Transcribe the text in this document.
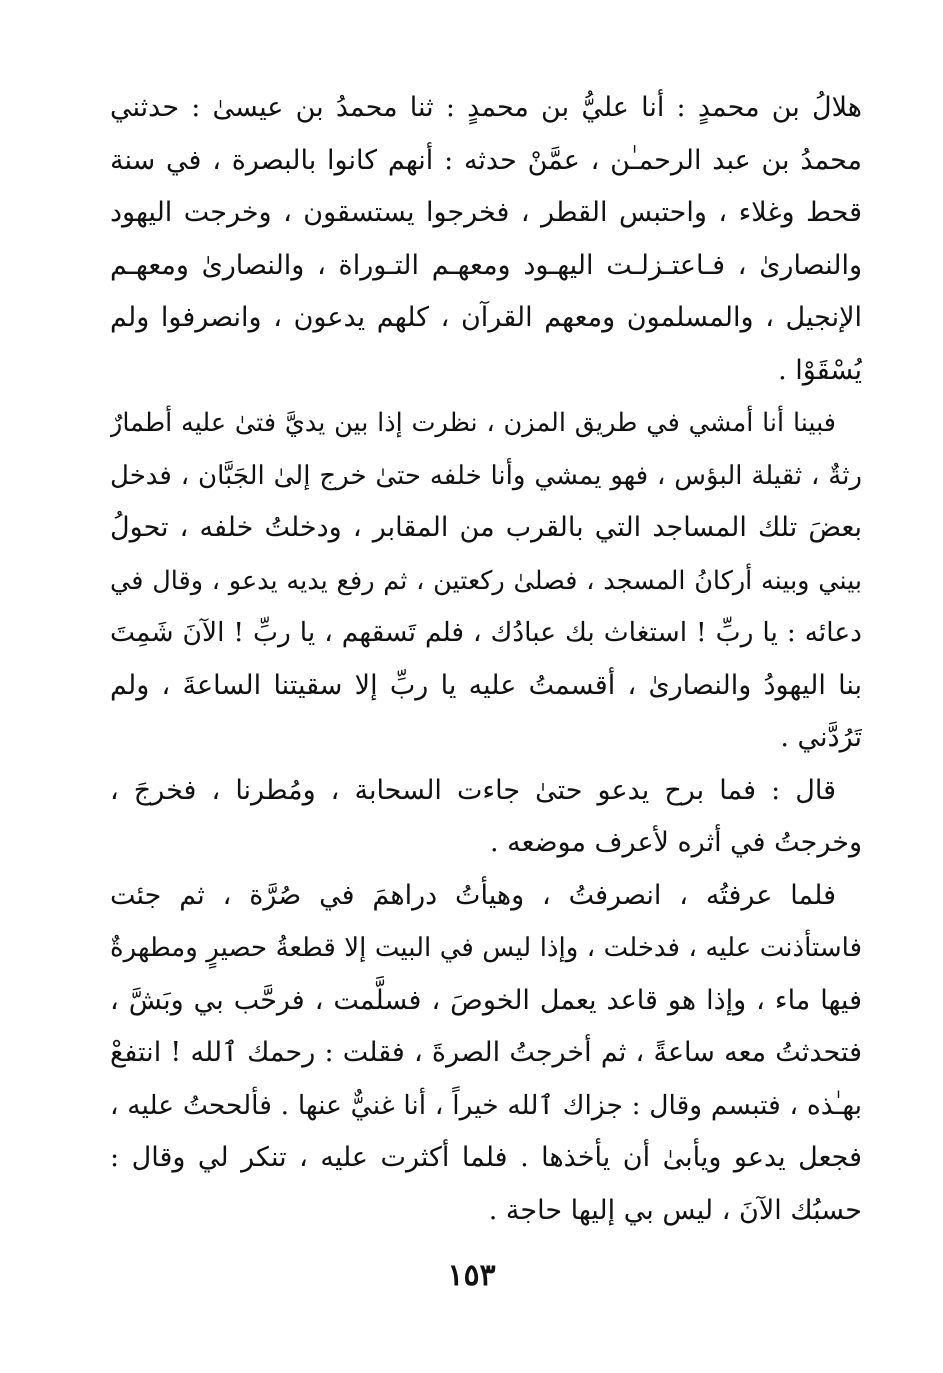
هلالُ بن محمدٍ : أنا عليُّ بن محمدٍ : ثنا محمدُ بن عيسىٰ : حدثني
محمدُ بن عبد الرحمـٰن ، عمَّنْ حدثه : أنهم كانوا بالبصرة ، في سنة
قحط وغلاء ، واحتبس القطر ، فخرجوا يستسقون ، وخرجت اليهود
والنصارىٰ ، فـاعتـزلـت اليهـود ومعهـم التـوراة ، والنصارىٰ ومعهـم
الإنجيل ، والمسلمون ومعهم القرآن ، كلهم يدعون ، وانصرفوا ولم
يُسْقَوْا .
فبينا أنا أمشي في طريق المزن ، نظرت إذا بين يديَّ فتىٰ عليه أطمارٌ
رثةٌ ، ثقيلة البؤس ، فهو يمشي وأنا خلفه حتىٰ خرج إلىٰ الجَبَّان ، فدخل
بعضَ تلك المساجد التي بالقرب من المقابر ، ودخلتُ خلفه ، تحولُ
بيني وبينه أركانُ المسجد ، فصلىٰ ركعتين ، ثم رفع يديه يدعو ، وقال في
دعائه : يا ربِّ ! استغاث بك عبادُك ، فلم تَسقهم ، يا ربِّ ! الآنَ شَمِتَ
بنا اليهودُ والنصارىٰ ، أقسمتُ عليه يا ربِّ إلا سقيتنا الساعةَ ، ولم
تَرُدَّني .
قال : فما برح يدعو حتىٰ جاءت السحابة ، ومُطرنا ، فخرجَ ،
وخرجتُ في أثره لأعرف موضعه .
فلما عرفتُه ، انصرفتُ ، وهيأتُ دراهمَ في صُرَّة ، ثم جئت
فاستأذنت عليه ، فدخلت ، وإذا ليس في البيت إلا قطعةُ حصيرٍ ومطهرةٌ
فيها ماء ، وإذا هو قاعد يعمل الخوصَ ، فسلَّمت ، فرحَّب بي وبَشَّ ،
فتحدثتُ معه ساعةً ، ثم أخرجتُ الصرةَ ، فقلت : رحمك ٱلله ! انتفعْ
بهـٰذه ، فتبسم وقال : جزاك ٱلله خيراً ، أنا غنيٌّ عنها . فألححتُ عليه ،
فجعل يدعو ويأبىٰ أن يأخذها . فلما أكثرت عليه ، تنكر لي وقال :
حسبُك الآنَ ، ليس بي إليها حاجة .
١٥٣
